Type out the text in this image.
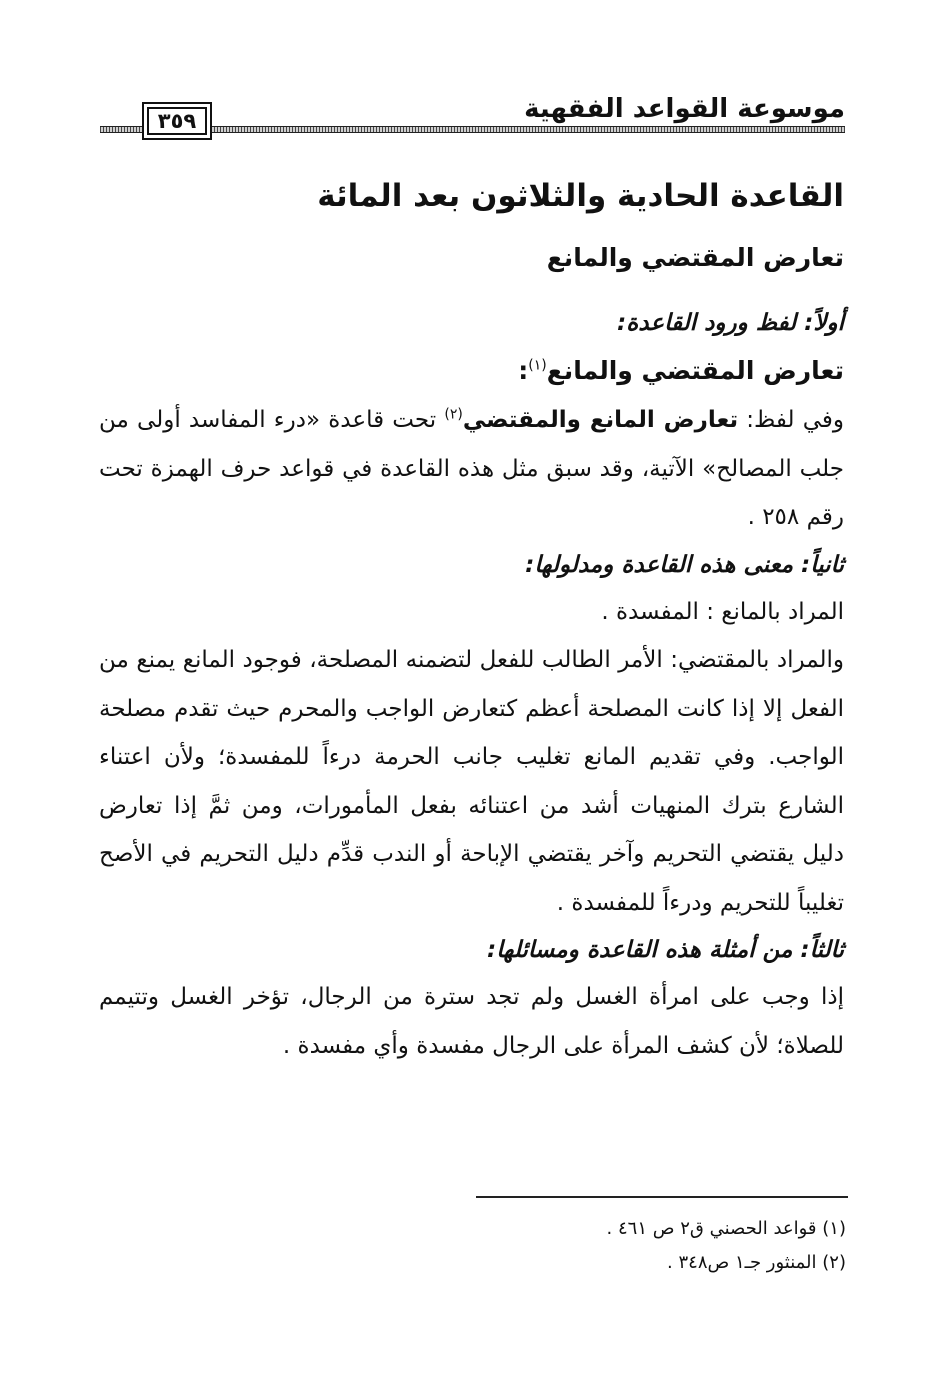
موسوعة القواعد الفقهية
٣٥٩
القاعدة الحادية والثلاثون بعد المائة
تعارض المقتضي والمانع
أولاً: لفظ ورود القاعدة:

تعارض المقتضي والمانع$^{(١)}$:

وفي لفظ: تعارض المانع والمقتضي$^{(٢)}$ تحت قاعدة «درء المفاسد أولى من جلب المصالح» الآتية، وقد سبق مثل هذه القاعدة في قواعد حرف الهمزة تحت رقم ٢٥٨ .

ثانياً: معنى هذه القاعدة ومدلولها:

المراد بالمانع : المفسدة .

والمراد بالمقتضي: الأمر الطالب للفعل لتضمنه المصلحة، فوجود المانع يمنع من الفعل إلا إذا كانت المصلحة أعظم كتعارض الواجب والمحرم حيث تقدم مصلحة الواجب. وفي تقديم المانع تغليب جانب الحرمة درءاً للمفسدة؛ ولأن اعتناء الشارع بترك المنهيات أشد من اعتنائه بفعل المأمورات، ومن ثمَّ إذا تعارض دليل يقتضي التحريم وآخر يقتضي الإباحة أو الندب قدِّم دليل التحريم في الأصح تغليباً للتحريم ودرءاً للمفسدة .

ثالثاً: من أمثلة هذه القاعدة ومسائلها:

إذا وجب على امرأة الغسل ولم تجد سترة من الرجال، تؤخر الغسل وتتيمم للصلاة؛ لأن كشف المرأة على الرجال مفسدة وأي مفسدة .

(١) قواعد الحصني ق٢ ص ٤٦١ .

(٢) المنثور جـ١ ص٣٤٨ .
